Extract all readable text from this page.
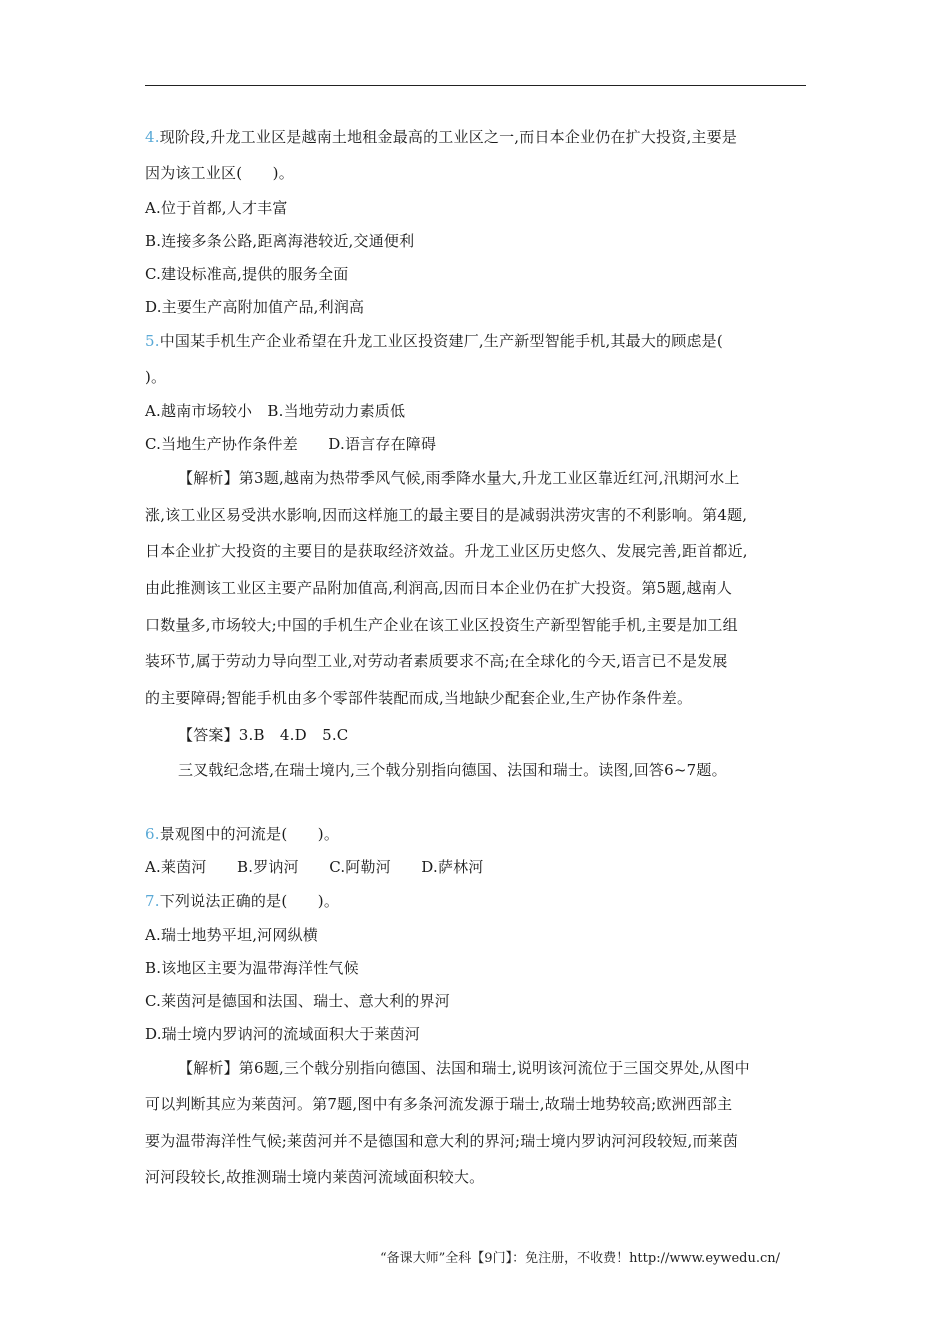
4.现阶段,升龙工业区是越南土地租金最高的工业区之一,而日本企业仍在扩大投资,主要是
因为该工业区(　　)。
A.位于首都,人才丰富
B.连接多条公路,距离海港较近,交通便利
C.建设标准高,提供的服务全面
D.主要生产高附加值产品,利润高
5.中国某手机生产企业希望在升龙工业区投资建厂,生产新型智能手机,其最大的顾虑是(
)。
A.越南市场较小　B.当地劳动力素质低
C.当地生产协作条件差　　D.语言存在障碍
【解析】第3题,越南为热带季风气候,雨季降水量大,升龙工业区靠近红河,汛期河水上
涨,该工业区易受洪水影响,因而这样施工的最主要目的是减弱洪涝灾害的不利影响。第4题,
日本企业扩大投资的主要目的是获取经济效益。升龙工业区历史悠久、发展完善,距首都近,
由此推测该工业区主要产品附加值高,利润高,因而日本企业仍在扩大投资。第5题,越南人
口数量多,市场较大;中国的手机生产企业在该工业区投资生产新型智能手机,主要是加工组
装环节,属于劳动力导向型工业,对劳动者素质要求不高;在全球化的今天,语言已不是发展
的主要障碍;智能手机由多个零部件装配而成,当地缺少配套企业,生产协作条件差。
【答案】3.B　4.D　5.C
三叉戟纪念塔,在瑞士境内,三个戟分别指向德国、法国和瑞士。读图,回答6~7题。
6.景观图中的河流是(　　)。
A.莱茵河　　B.罗讷河　　C.阿勒河　　D.萨林河
7.下列说法正确的是(　　)。
A.瑞士地势平坦,河网纵横
B.该地区主要为温带海洋性气候
C.莱茵河是德国和法国、瑞士、意大利的界河
D.瑞士境内罗讷河的流域面积大于莱茵河
【解析】第6题,三个戟分别指向德国、法国和瑞士,说明该河流位于三国交界处,从图中
可以判断其应为莱茵河。第7题,图中有多条河流发源于瑞士,故瑞士地势较高;欧洲西部主
要为温带海洋性气候;莱茵河并不是德国和意大利的界河;瑞士境内罗讷河河段较短,而莱茵
河河段较长,故推测瑞士境内莱茵河流域面积较大。
“备课大师”全科【9门】：免注册，不收费！http://www.eywedu.cn/
